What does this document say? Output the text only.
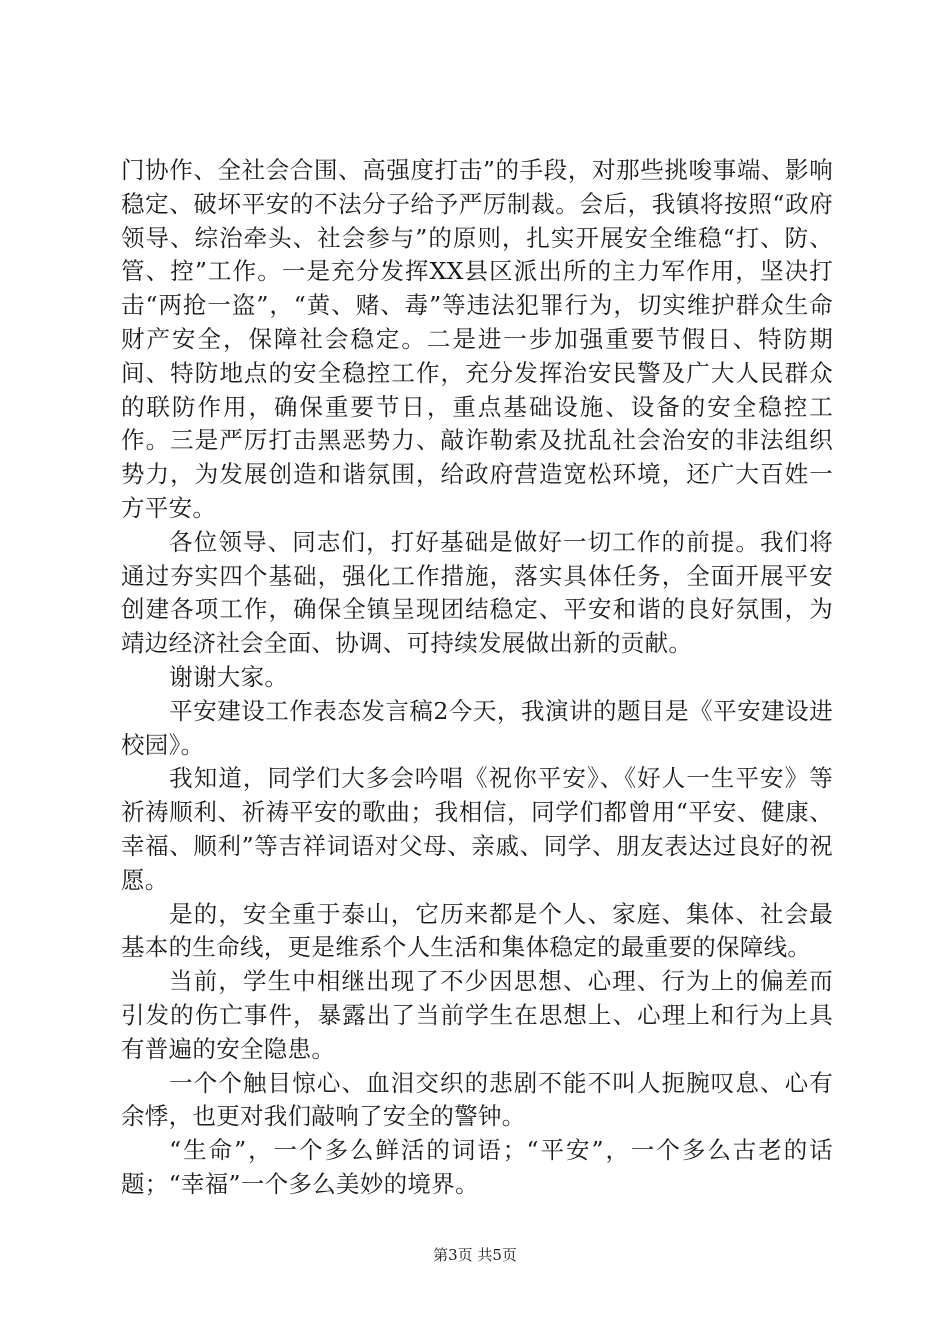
门协作、全社会合围、高强度打击”的手段，对那些挑唆事端、影响稳定、破坏平安的不法分子给予严厉制裁。会后，我镇将按照“政府领导、综治牵头、社会参与”的原则，扎实开展安全维稳“打、防、管、控”工作。一是充分发挥XX县区派出所的主力军作用，坚决打击“两抢一盗”，“黄、赌、毒”等违法犯罪行为，切实维护群众生命财产安全，保障社会稳定。二是进一步加强重要节假日、特防期间、特防地点的安全稳控工作，充分发挥治安民警及广大人民群众的联防作用，确保重要节日，重点基础设施、设备的安全稳控工作。三是严厉打击黑恶势力、敲诈勒索及扰乱社会治安的非法组织势力，为发展创造和谐氛围，给政府营造宽松环境，还广大百姓一方平安。

各位领导、同志们，打好基础是做好一切工作的前提。我们将通过夯实四个基础，强化工作措施，落实具体任务，全面开展平安创建各项工作，确保全镇呈现团结稳定、平安和谐的良好氛围，为靖边经济社会全面、协调、可持续发展做出新的贡献。

谢谢大家。

平安建设工作表态发言稿2今天，我演讲的题目是《平安建设进校园》。

我知道，同学们大多会吟唱《祝你平安》、《好人一生平安》等祈祷顺利、祈祷平安的歌曲；我相信，同学们都曾用“平安、健康、幸福、顺利”等吉祥词语对父母、亲戚、同学、朋友表达过良好的祝愿。

是的，安全重于泰山，它历来都是个人、家庭、集体、社会最基本的生命线，更是维系个人生活和集体稳定的最重要的保障线。

当前，学生中相继出现了不少因思想、心理、行为上的偏差而引发的伤亡事件，暴露出了当前学生在思想上、心理上和行为上具有普遍的安全隐患。

一个个触目惊心、血泪交织的悲剧不能不叫人扼腕叹息、心有余悸，也更对我们敲响了安全的警钟。

“生命”，一个多么鲜活的词语；“平安”，一个多么古老的话题；“幸福”一个多么美妙的境界。

第3页 共5页
